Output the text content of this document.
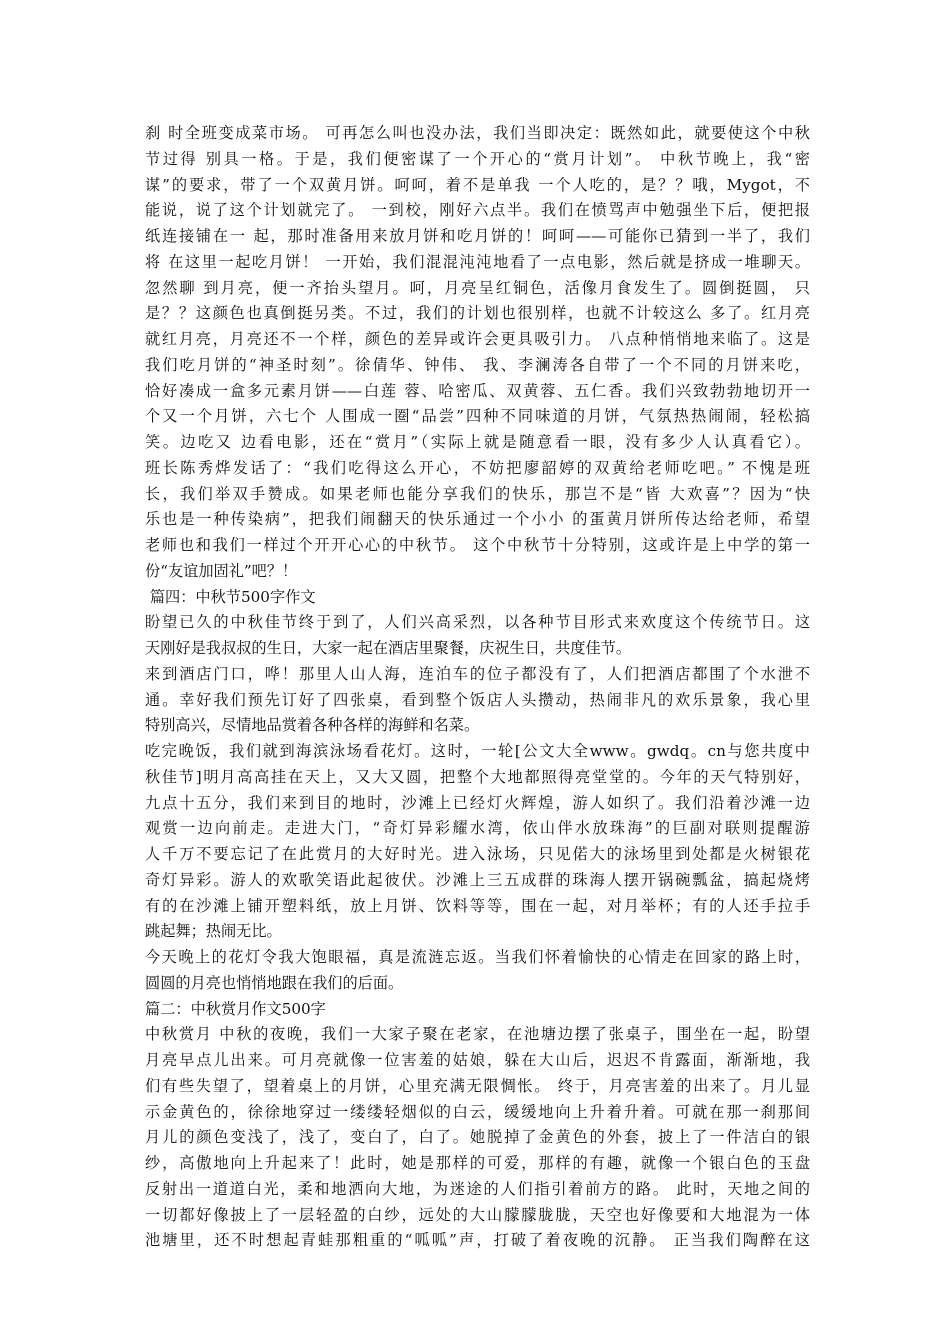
刹 时全班变成菜市场。 可再怎么叫也没办法，我们当即决定：既然如此，就要使这个中秋
节过得 别具一格。于是，我们便密谋了一个开心的“赏月计划”。 中秋节晚上，我“密
谋”的要求，带了一个双黄月饼。呵呵，着不是单我 一个人吃的，是？？哦，Mygot，不
能说，说了这个计划就完了。 一到校，刚好六点半。我们在愤骂声中勉强坐下后，便把报
纸连接铺在一 起，那时准备用来放月饼和吃月饼的！呵呵——可能你已猜到一半了，我们
将 在这里一起吃月饼！ 一开始，我们混混沌沌地看了一点电影，然后就是挤成一堆聊天。
忽然聊 到月亮，便一齐抬头望月。呵，月亮呈红铜色，活像月食发生了。圆倒挺圆， 只
是？？这颜色也真倒挺另类。不过，我们的计划也很别样，也就不计较这么 多了。红月亮
就红月亮，月亮还不一个样，颜色的差异或许会更具吸引力。 八点种悄悄地来临了。这是
我们吃月饼的“神圣时刻”。徐倩华、钟伟、 我、李澜涛各自带了一个不同的月饼来吃，
恰好凑成一盒多元素月饼——白莲 蓉、哈密瓜、双黄蓉、五仁香。我们兴致勃勃地切开一
个又一个月饼，六七个 人围成一圈“品尝”四种不同味道的月饼，气氛热热闹闹，轻松搞
笑。边吃又 边看电影，还在“赏月”（实际上就是随意看一眼，没有多少人认真看它）。
班长陈秀烨发话了：“我们吃得这么开心，不妨把廖韶婷的双黄给老师吃吧。” 不愧是班
长，我们举双手赞成。如果老师也能分享我们的快乐，那岂不是“皆 大欢喜”？因为“快
乐也是一种传染病”，把我们闹翻天的快乐通过一个小小 的蛋黄月饼所传达给老师，希望
老师也和我们一样过个开开心心的中秋节。 这个中秋节十分特别，这或许是上中学的第一
份“友谊加固礼”吧？！
篇四：中秋节500字作文
盼望已久的中秋佳节终于到了，人们兴高采烈，以各种节目形式来欢度这个传统节日。这
天刚好是我叔叔的生日，大家一起在酒店里聚餐，庆祝生日，共度佳节。
来到酒店门口，哗！那里人山人海，连泊车的位子都没有了，人们把酒店都围了个水泄不
通。幸好我们预先订好了四张桌，看到整个饭店人头攒动，热闹非凡的欢乐景象，我心里
特别高兴，尽情地品赏着各种各样的海鲜和名菜。
吃完晚饭，我们就到海滨泳场看花灯。这时，一轮[公文大全www。gwdq。cn与您共度中
秋佳节]明月高高挂在天上，又大又圆，把整个大地都照得亮堂堂的。今年的天气特别好，
九点十五分，我们来到目的地时，沙滩上已经灯火辉煌，游人如织了。我们沿着沙滩一边
观赏一边向前走。走进大门，“奇灯异彩耀水湾，依山伴水放珠海”的巨副对联则提醒游
人千万不要忘记了在此赏月的大好时光。进入泳场，只见偌大的泳场里到处都是火树银花
奇灯异彩。游人的欢歌笑语此起彼伏。沙滩上三五成群的珠海人摆开锅碗瓢盆，搞起烧烤
有的在沙滩上铺开塑料纸，放上月饼、饮料等等，围在一起，对月举杯；有的人还手拉手
跳起舞；热闹无比。
今天晚上的花灯令我大饱眼福，真是流涟忘返。当我们怀着愉快的心情走在回家的路上时，
圆圆的月亮也悄悄地跟在我们的后面。
篇二：中秋赏月作文500字
中秋赏月 中秋的夜晚，我们一大家子聚在老家，在池塘边摆了张桌子，围坐在一起，盼望
月亮早点儿出来。可月亮就像一位害羞的姑娘，躲在大山后，迟迟不肯露面，渐渐地，我
们有些失望了，望着桌上的月饼，心里充满无限惆怅。 终于，月亮害羞的出来了。月儿显
示金黄色的，徐徐地穿过一缕缕轻烟似的白云，缓缓地向上升着升着。可就在那一刹那间
月儿的颜色变浅了，浅了，变白了，白了。她脱掉了金黄色的外套，披上了一件洁白的银
纱，高傲地向上升起来了！此时，她是那样的可爱，那样的有趣，就像一个银白色的玉盘
反射出一道道白光，柔和地洒向大地，为迷途的人们指引着前方的路。 此时，天地之间的
一切都好像披上了一层轻盈的白纱，远处的大山朦朦胧胧，天空也好像要和大地混为一体
池塘里，还不时想起青蛙那粗重的“呱呱”声，打破了着夜晚的沉静。 正当我们陶醉在这
